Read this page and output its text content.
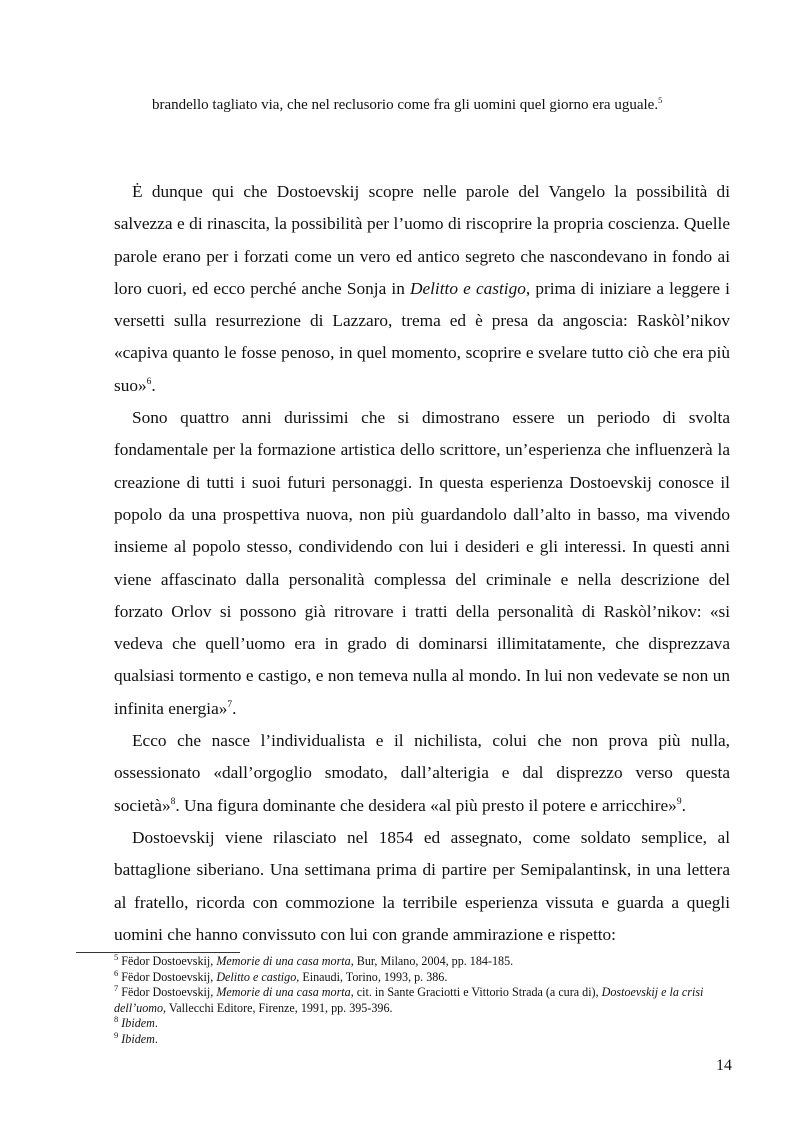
brandello tagliato via, che nel reclusorio come fra gli uomini quel giorno era uguale.$^5$

Ė dunque qui che Dostoevskij scopre nelle parole del Vangelo la possibilità di salvezza e di rinascita, la possibilità per l’uomo di riscoprire la propria coscienza. Quelle parole erano per i forzati come un vero ed antico segreto che nascondevano in fondo ai loro cuori, ed ecco perché anche Sonja in Delitto e castigo, prima di iniziare a leggere i versetti sulla resurrezione di Lazzaro, trema ed è presa da angoscia: Raskòl’nikov «capiva quanto le fosse penoso, in quel momento, scoprire e svelare tutto ciò che era più suo»$^6$.

Sono quattro anni durissimi che si dimostrano essere un periodo di svolta fondamentale per la formazione artistica dello scrittore, un’esperienza che influenzerà la creazione di tutti i suoi futuri personaggi. In questa esperienza Dostoevskij conosce il popolo da una prospettiva nuova, non più guardandolo dall’alto in basso, ma vivendo insieme al popolo stesso, condividendo con lui i desideri e gli interessi. In questi anni viene affascinato dalla personalità complessa del criminale e nella descrizione del forzato Orlov si possono già ritrovare i tratti della personalità di Raskòl’nikov: «si vedeva che quell’uomo era in grado di dominarsi illimitatamente, che disprezzava qualsiasi tormento e castigo, e non temeva nulla al mondo. In lui non vedevate se non un infinita energia»$^7$.

Ecco che nasce l’individualista e il nichilista, colui che non prova più nulla, ossessionato «dall’orgoglio smodato, dall’alterigia e dal disprezzo verso questa società»$^8$. Una figura dominante che desidera «al più presto il potere e arricchire»$^9$.

Dostoevskij viene rilasciato nel 1854 ed assegnato, come soldato semplice, al battaglione siberiano. Una settimana prima di partire per Semipalantinsk, in una lettera al fratello, ricorda con commozione la terribile esperienza vissuta e guarda a quegli uomini che hanno convissuto con lui con grande ammirazione e rispetto:

$^5$ Fëdor Dostoevskij, Memorie di una casa morta, Bur, Milano, 2004, pp. 184-185.

$^6$ Fëdor Dostoevskij, Delitto e castigo, Einaudi, Torino, 1993, p. 386.

$^7$ Fëdor Dostoevskij, Memorie di una casa morta, cit. in Sante Graciotti e Vittorio Strada (a cura di), Dostoevskij e la crisi dell’uomo, Vallecchi Editore, Firenze, 1991, pp. 395-396.

$^8$ Ibidem.

$^9$ Ibidem.

14
